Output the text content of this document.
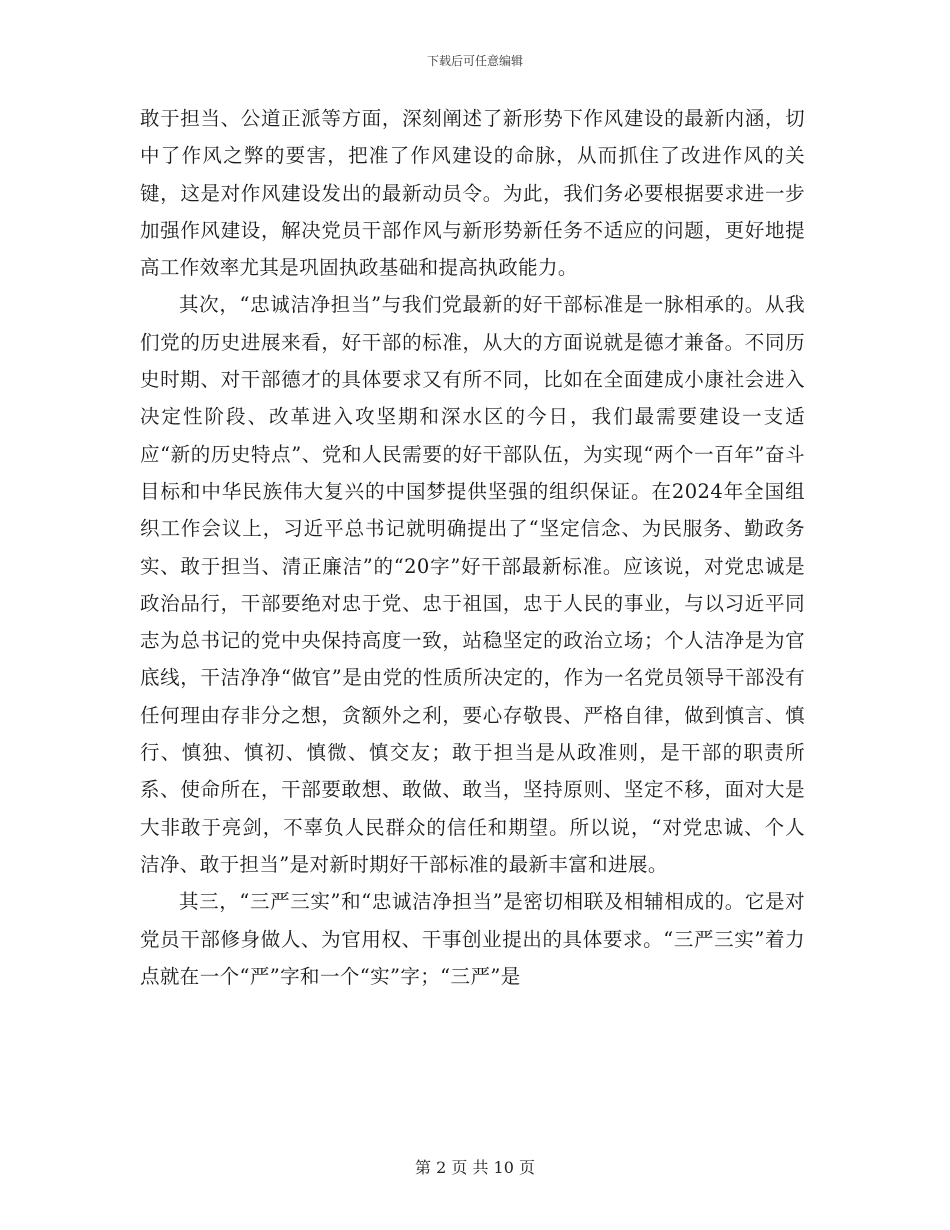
下载后可任意编辑

敢于担当、公道正派等方面，深刻阐述了新形势下作风建设的最新内涵，切中了作风之弊的要害，把准了作风建设的命脉，从而抓住了改进作风的关键，这是对作风建设发出的最新动员令。为此，我们务必要根据要求进一步加强作风建设，解决党员干部作风与新形势新任务不适应的问题，更好地提高工作效率尤其是巩固执政基础和提高执政能力。

其次，“忠诚洁净担当”与我们党最新的好干部标准是一脉相承的。从我们党的历史进展来看，好干部的标准，从大的方面说就是德才兼备。不同历史时期、对干部德才的具体要求又有所不同，比如在全面建成小康社会进入决定性阶段、改革进入攻坚期和深水区的今日，我们最需要建设一支适应“新的历史特点”、党和人民需要的好干部队伍，为实现“两个一百年”奋斗目标和中华民族伟大复兴的中国梦提供坚强的组织保证。在2024年全国组织工作会议上，习近平总书记就明确提出了“坚定信念、为民服务、勤政务实、敢于担当、清正廉洁”的“20字”好干部最新标准。应该说，对党忠诚是政治品行，干部要绝对忠于党、忠于祖国，忠于人民的事业，与以习近平同志为总书记的党中央保持高度一致，站稳坚定的政治立场；个人洁净是为官底线，干洁净净“做官”是由党的性质所决定的，作为一名党员领导干部没有任何理由存非分之想，贪额外之利，要心存敬畏、严格自律，做到慎言、慎行、慎独、慎初、慎微、慎交友；敢于担当是从政准则，是干部的职责所系、使命所在，干部要敢想、敢做、敢当，坚持原则、坚定不移，面对大是大非敢于亮剑，不辜负人民群众的信任和期望。所以说，“对党忠诚、个人洁净、敢于担当”是对新时期好干部标准的最新丰富和进展。

其三，“三严三实”和“忠诚洁净担当”是密切相联及相辅相成的。它是对党员干部修身做人、为官用权、干事创业提出的具体要求。“三严三实”着力点就在一个“严”字和一个“实”字；“三严”是

第 2 页 共 10 页
